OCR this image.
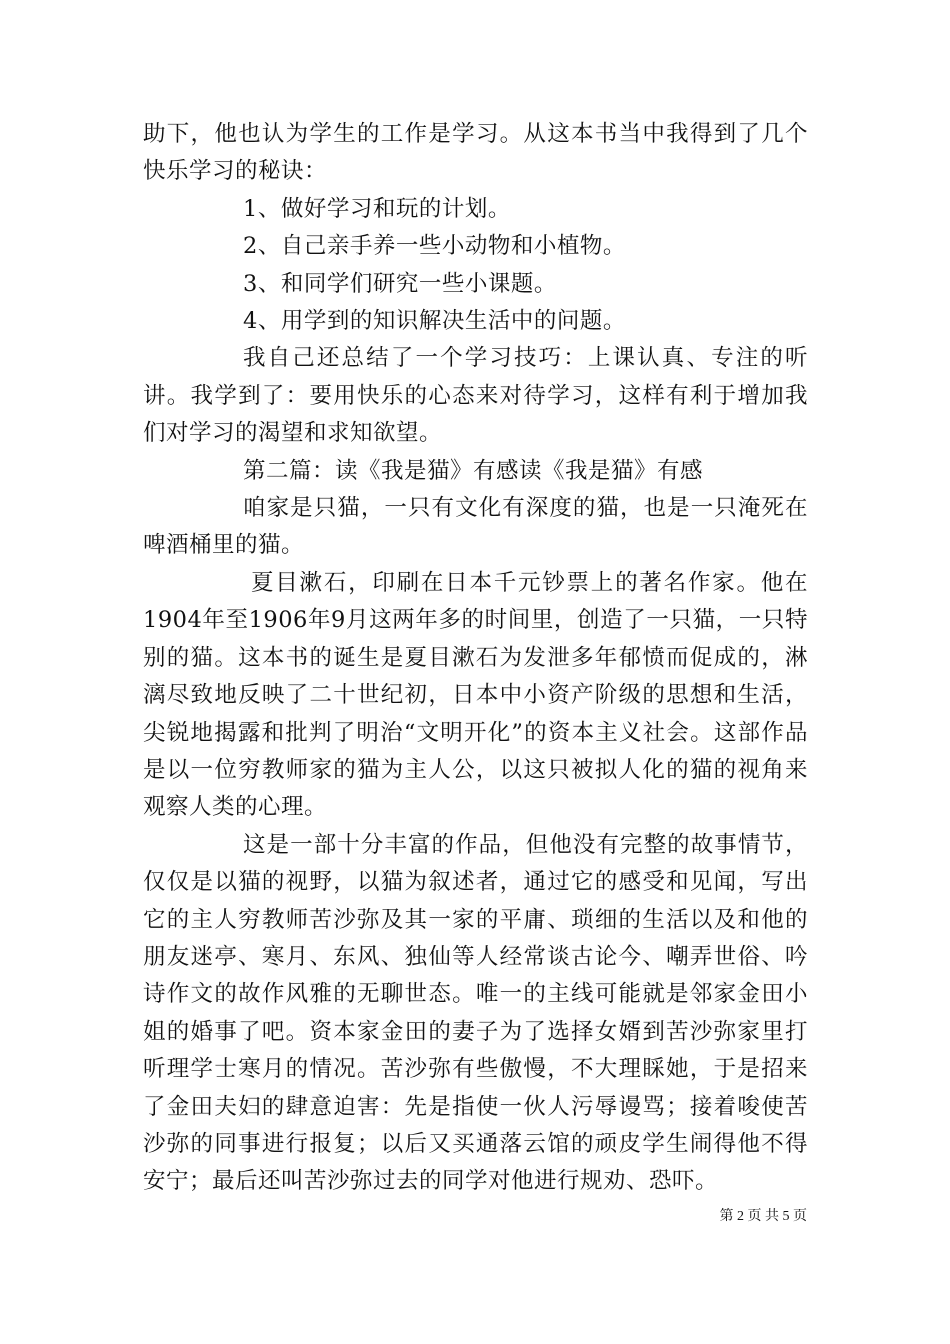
助下，他也认为学生的工作是学习。从这本书当中我得到了几个快乐学习的秘诀：

1、做好学习和玩的计划。

2、自己亲手养一些小动物和小植物。

3、和同学们研究一些小课题。

4、用学到的知识解决生活中的问题。

我自己还总结了一个学习技巧：上课认真、专注的听讲。我学到了：要用快乐的心态来对待学习，这样有利于增加我们对学习的渴望和求知欲望。

第二篇：读《我是猫》有感读《我是猫》有感

咱家是只猫，一只有文化有深度的猫，也是一只淹死在啤酒桶里的猫。

夏目漱石，印刷在日本千元钞票上的著名作家。他在1904年至1906年9月这两年多的时间里，创造了一只猫，一只特别的猫。这本书的诞生是夏目漱石为发泄多年郁愤而促成的，淋漓尽致地反映了二十世纪初，日本中小资产阶级的思想和生活，尖锐地揭露和批判了明治“文明开化”的资本主义社会。这部作品是以一位穷教师家的猫为主人公，以这只被拟人化的猫的视角来观察人类的心理。

这是一部十分丰富的作品，但他没有完整的故事情节，仅仅是以猫的视野，以猫为叙述者，通过它的感受和见闻，写出它的主人穷教师苦沙弥及其一家的平庸、琐细的生活以及和他的朋友迷亭、寒月、东风、独仙等人经常谈古论今、嘲弄世俗、吟诗作文的故作风雅的无聊世态。唯一的主线可能就是邻家金田小姐的婚事了吧。资本家金田的妻子为了选择女婿到苦沙弥家里打听理学士寒月的情况。苦沙弥有些傲慢，不大理睬她，于是招来了金田夫妇的肆意迫害：先是指使一伙人污辱谩骂；接着唆使苦沙弥的同事进行报复；以后又买通落云馆的顽皮学生闹得他不得安宁；最后还叫苦沙弥过去的同学对他进行规劝、恐吓。

第 2 页 共 5 页
